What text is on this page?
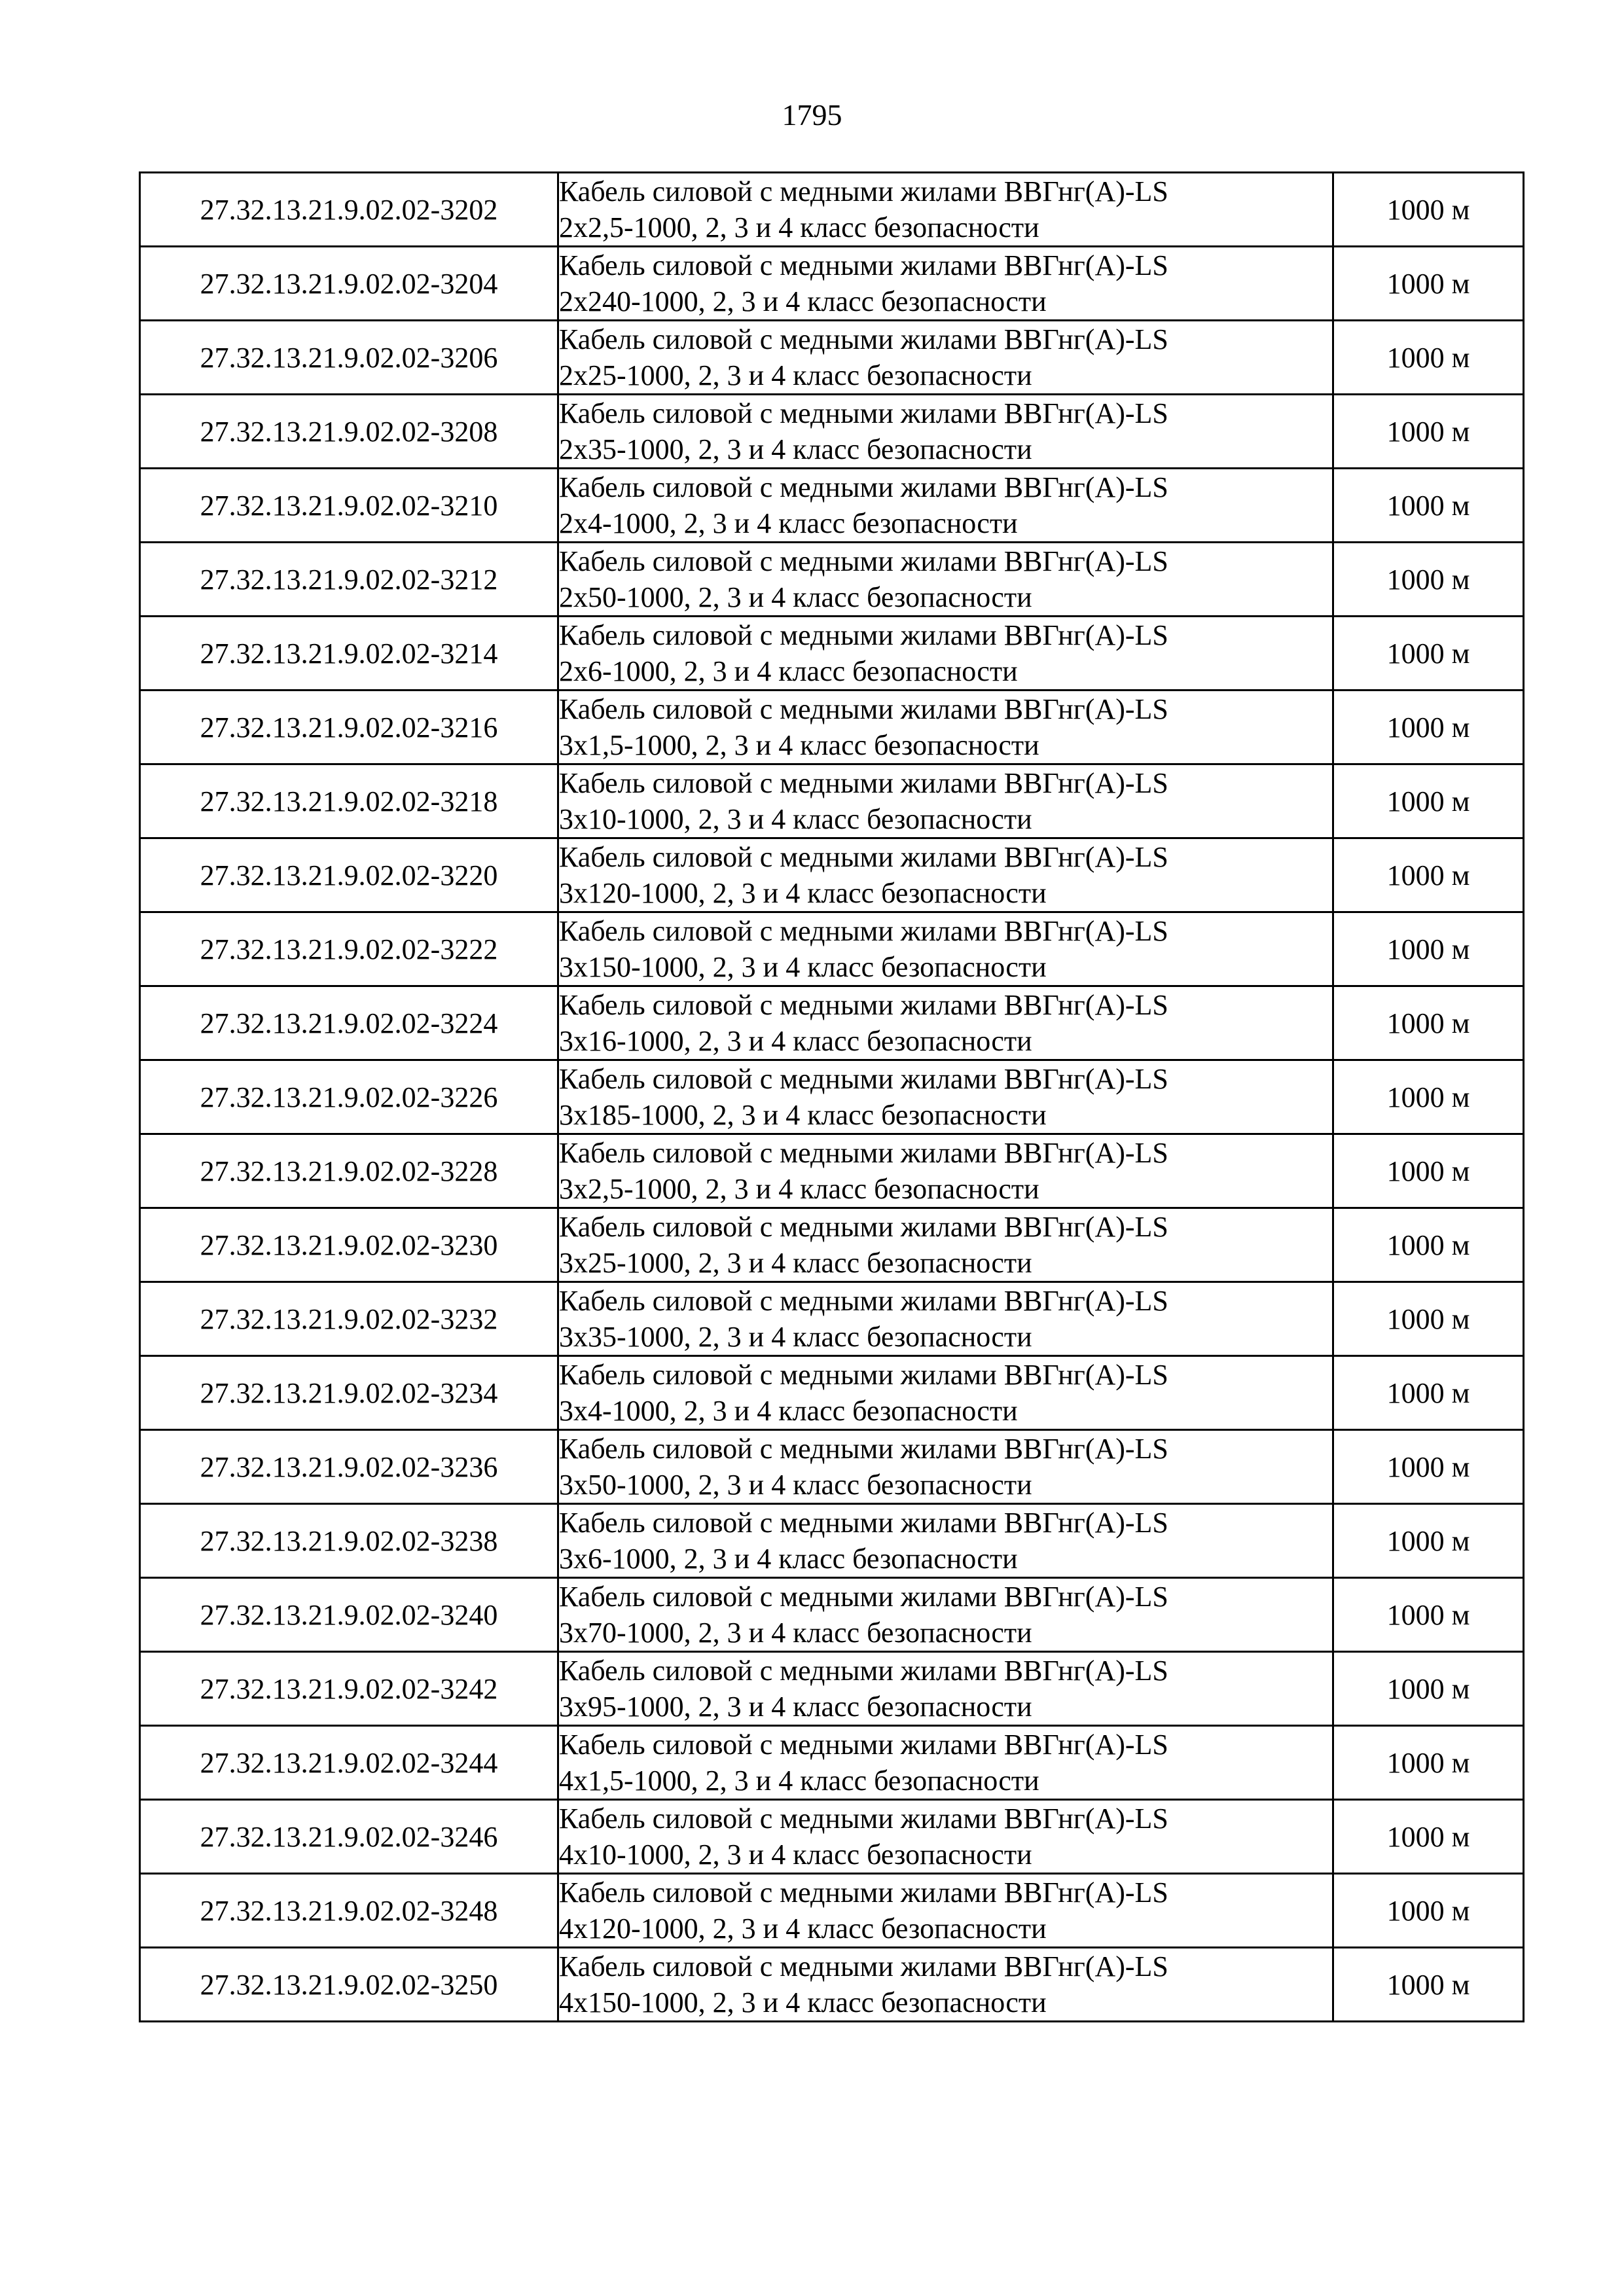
1795
27.32.13.21.9.02.02-3202	Кабель силовой с медными жилами ВВГнг(А)-LS
2х2,5-1000, 2, 3 и 4 класс безопасности	1000 м
27.32.13.21.9.02.02-3204	Кабель силовой с медными жилами ВВГнг(А)-LS
2х240-1000, 2, 3 и 4 класс безопасности	1000 м
27.32.13.21.9.02.02-3206	Кабель силовой с медными жилами ВВГнг(А)-LS
2х25-1000, 2, 3 и 4 класс безопасности	1000 м
27.32.13.21.9.02.02-3208	Кабель силовой с медными жилами ВВГнг(А)-LS
2х35-1000, 2, 3 и 4 класс безопасности	1000 м
27.32.13.21.9.02.02-3210	Кабель силовой с медными жилами ВВГнг(А)-LS
2х4-1000, 2, 3 и 4 класс безопасности	1000 м
27.32.13.21.9.02.02-3212	Кабель силовой с медными жилами ВВГнг(А)-LS
2х50-1000, 2, 3 и 4 класс безопасности	1000 м
27.32.13.21.9.02.02-3214	Кабель силовой с медными жилами ВВГнг(А)-LS
2х6-1000, 2, 3 и 4 класс безопасности	1000 м
27.32.13.21.9.02.02-3216	Кабель силовой с медными жилами ВВГнг(А)-LS
3х1,5-1000, 2, 3 и 4 класс безопасности	1000 м
27.32.13.21.9.02.02-3218	Кабель силовой с медными жилами ВВГнг(А)-LS
3х10-1000, 2, 3 и 4 класс безопасности	1000 м
27.32.13.21.9.02.02-3220	Кабель силовой с медными жилами ВВГнг(А)-LS
3х120-1000, 2, 3 и 4 класс безопасности	1000 м
27.32.13.21.9.02.02-3222	Кабель силовой с медными жилами ВВГнг(А)-LS
3х150-1000, 2, 3 и 4 класс безопасности	1000 м
27.32.13.21.9.02.02-3224	Кабель силовой с медными жилами ВВГнг(А)-LS
3х16-1000, 2, 3 и 4 класс безопасности	1000 м
27.32.13.21.9.02.02-3226	Кабель силовой с медными жилами ВВГнг(А)-LS
3х185-1000, 2, 3 и 4 класс безопасности	1000 м
27.32.13.21.9.02.02-3228	Кабель силовой с медными жилами ВВГнг(А)-LS
3х2,5-1000, 2, 3 и 4 класс безопасности	1000 м
27.32.13.21.9.02.02-3230	Кабель силовой с медными жилами ВВГнг(А)-LS
3х25-1000, 2, 3 и 4 класс безопасности	1000 м
27.32.13.21.9.02.02-3232	Кабель силовой с медными жилами ВВГнг(А)-LS
3х35-1000, 2, 3 и 4 класс безопасности	1000 м
27.32.13.21.9.02.02-3234	Кабель силовой с медными жилами ВВГнг(А)-LS
3х4-1000, 2, 3 и 4 класс безопасности	1000 м
27.32.13.21.9.02.02-3236	Кабель силовой с медными жилами ВВГнг(А)-LS
3х50-1000, 2, 3 и 4 класс безопасности	1000 м
27.32.13.21.9.02.02-3238	Кабель силовой с медными жилами ВВГнг(А)-LS
3х6-1000, 2, 3 и 4 класс безопасности	1000 м
27.32.13.21.9.02.02-3240	Кабель силовой с медными жилами ВВГнг(А)-LS
3х70-1000, 2, 3 и 4 класс безопасности	1000 м
27.32.13.21.9.02.02-3242	Кабель силовой с медными жилами ВВГнг(А)-LS
3х95-1000, 2, 3 и 4 класс безопасности	1000 м
27.32.13.21.9.02.02-3244	Кабель силовой с медными жилами ВВГнг(А)-LS
4х1,5-1000, 2, 3 и 4 класс безопасности	1000 м
27.32.13.21.9.02.02-3246	Кабель силовой с медными жилами ВВГнг(А)-LS
4х10-1000, 2, 3 и 4 класс безопасности	1000 м
27.32.13.21.9.02.02-3248	Кабель силовой с медными жилами ВВГнг(А)-LS
4х120-1000, 2, 3 и 4 класс безопасности	1000 м
27.32.13.21.9.02.02-3250	Кабель силовой с медными жилами ВВГнг(А)-LS
4х150-1000, 2, 3 и 4 класс безопасности	1000 м
